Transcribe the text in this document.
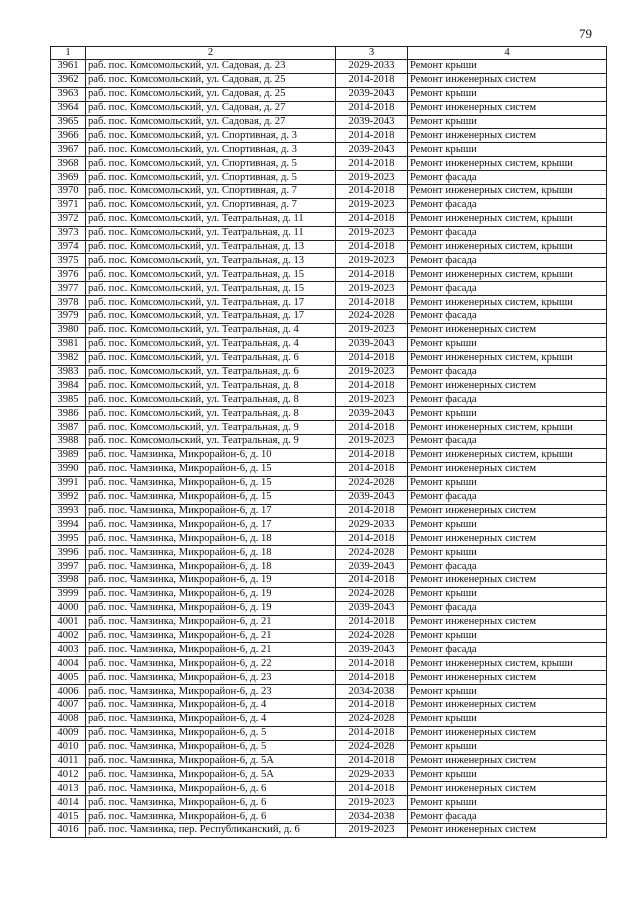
79
1	2	3	4
3961	раб. пос. Комсомольский, ул. Садовая, д. 23	2029-2033	Ремонт крыши
3962	раб. пос. Комсомольский, ул. Садовая, д. 25	2014-2018	Ремонт инженерных систем
3963	раб. пос. Комсомольский, ул. Садовая, д. 25	2039-2043	Ремонт крыши
3964	раб. пос. Комсомольский, ул. Садовая, д. 27	2014-2018	Ремонт инженерных систем
3965	раб. пос. Комсомольский, ул. Садовая, д. 27	2039-2043	Ремонт крыши
3966	раб. пос. Комсомольский, ул. Спортивная, д. 3	2014-2018	Ремонт инженерных систем
3967	раб. пос. Комсомольский, ул. Спортивная, д. 3	2039-2043	Ремонт крыши
3968	раб. пос. Комсомольский, ул. Спортивная, д. 5	2014-2018	Ремонт инженерных систем, крыши
3969	раб. пос. Комсомольский, ул. Спортивная, д. 5	2019-2023	Ремонт фасада
3970	раб. пос. Комсомольский, ул. Спортивная, д. 7	2014-2018	Ремонт инженерных систем, крыши
3971	раб. пос. Комсомольский, ул. Спортивная, д. 7	2019-2023	Ремонт фасада
3972	раб. пос. Комсомольский, ул. Театральная, д. 11	2014-2018	Ремонт инженерных систем, крыши
3973	раб. пос. Комсомольский, ул. Театральная, д. 11	2019-2023	Ремонт фасада
3974	раб. пос. Комсомольский, ул. Театральная, д. 13	2014-2018	Ремонт инженерных систем, крыши
3975	раб. пос. Комсомольский, ул. Театральная, д. 13	2019-2023	Ремонт фасада
3976	раб. пос. Комсомольский, ул. Театральная, д. 15	2014-2018	Ремонт инженерных систем, крыши
3977	раб. пос. Комсомольский, ул. Театральная, д. 15	2019-2023	Ремонт фасада
3978	раб. пос. Комсомольский, ул. Театральная, д. 17	2014-2018	Ремонт инженерных систем, крыши
3979	раб. пос. Комсомольский, ул. Театральная, д. 17	2024-2028	Ремонт фасада
3980	раб. пос. Комсомольский, ул. Театральная, д. 4	2019-2023	Ремонт инженерных систем
3981	раб. пос. Комсомольский, ул. Театральная, д. 4	2039-2043	Ремонт крыши
3982	раб. пос. Комсомольский, ул. Театральная, д. 6	2014-2018	Ремонт инженерных систем, крыши
3983	раб. пос. Комсомольский, ул. Театральная, д. 6	2019-2023	Ремонт фасада
3984	раб. пос. Комсомольский, ул. Театральная, д. 8	2014-2018	Ремонт инженерных систем
3985	раб. пос. Комсомольский, ул. Театральная, д. 8	2019-2023	Ремонт фасада
3986	раб. пос. Комсомольский, ул. Театральная, д. 8	2039-2043	Ремонт крыши
3987	раб. пос. Комсомольский, ул. Театральная, д. 9	2014-2018	Ремонт инженерных систем, крыши
3988	раб. пос. Комсомольский, ул. Театральная, д. 9	2019-2023	Ремонт фасада
3989	раб. пос. Чамзинка, Микрорайон-6, д. 10	2014-2018	Ремонт инженерных систем, крыши
3990	раб. пос. Чамзинка, Микрорайон-6, д. 15	2014-2018	Ремонт инженерных систем
3991	раб. пос. Чамзинка, Микрорайон-6, д. 15	2024-2028	Ремонт крыши
3992	раб. пос. Чамзинка, Микрорайон-6, д. 15	2039-2043	Ремонт фасада
3993	раб. пос. Чамзинка, Микрорайон-6, д. 17	2014-2018	Ремонт инженерных систем
3994	раб. пос. Чамзинка, Микрорайон-6, д. 17	2029-2033	Ремонт крыши
3995	раб. пос. Чамзинка, Микрорайон-6, д. 18	2014-2018	Ремонт инженерных систем
3996	раб. пос. Чамзинка, Микрорайон-6, д. 18	2024-2028	Ремонт крыши
3997	раб. пос. Чамзинка, Микрорайон-6, д. 18	2039-2043	Ремонт фасада
3998	раб. пос. Чамзинка, Микрорайон-6, д. 19	2014-2018	Ремонт инженерных систем
3999	раб. пос. Чамзинка, Микрорайон-6, д. 19	2024-2028	Ремонт крыши
4000	раб. пос. Чамзинка, Микрорайон-6, д. 19	2039-2043	Ремонт фасада
4001	раб. пос. Чамзинка, Микрорайон-6, д. 21	2014-2018	Ремонт инженерных систем
4002	раб. пос. Чамзинка, Микрорайон-6, д. 21	2024-2028	Ремонт крыши
4003	раб. пос. Чамзинка, Микрорайон-6, д. 21	2039-2043	Ремонт фасада
4004	раб. пос. Чамзинка, Микрорайон-6, д. 22	2014-2018	Ремонт инженерных систем, крыши
4005	раб. пос. Чамзинка, Микрорайон-6, д. 23	2014-2018	Ремонт инженерных систем
4006	раб. пос. Чамзинка, Микрорайон-6, д. 23	2034-2038	Ремонт крыши
4007	раб. пос. Чамзинка, Микрорайон-6, д. 4	2014-2018	Ремонт инженерных систем
4008	раб. пос. Чамзинка, Микрорайон-6, д. 4	2024-2028	Ремонт крыши
4009	раб. пос. Чамзинка, Микрорайон-6, д. 5	2014-2018	Ремонт инженерных систем
4010	раб. пос. Чамзинка, Микрорайон-6, д. 5	2024-2028	Ремонт крыши
4011	раб. пос. Чамзинка, Микрорайон-6, д. 5А	2014-2018	Ремонт инженерных систем
4012	раб. пос. Чамзинка, Микрорайон-6, д. 5А	2029-2033	Ремонт крыши
4013	раб. пос. Чамзинка, Микрорайон-6, д. 6	2014-2018	Ремонт инженерных систем
4014	раб. пос. Чамзинка, Микрорайон-6, д. 6	2019-2023	Ремонт крыши
4015	раб. пос. Чамзинка, Микрорайон-6, д. 6	2034-2038	Ремонт фасада
4016	раб. пос. Чамзинка, пер. Республиканский, д. 6	2019-2023	Ремонт инженерных систем
